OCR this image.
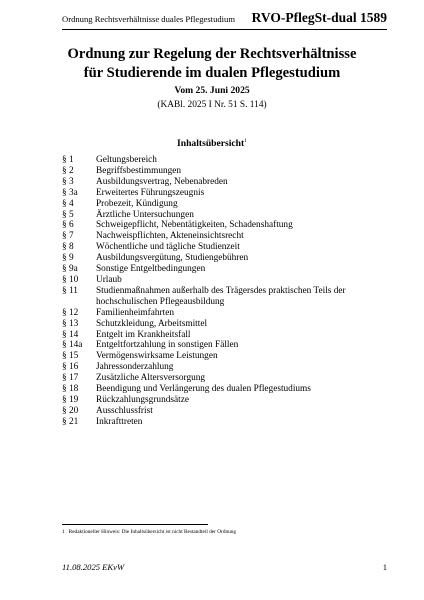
Ordnung Rechtsverhältnisse duales Pflegestudium RVO-PflegSt-dual 1589
Ordnung zur Regelung der Rechtsverhältnisse
für Studierende im dualen Pflegestudium
Vom 25. Juni 2025
(KABl. 2025 I Nr. 51 S. 114)
Inhaltsübersicht$^1$
§ 1	Geltungsbereich
§ 2	Begriffsbestimmungen
§ 3	Ausbildungsvertrag, Nebenabreden
§ 3a	Erweitertes Führungszeugnis
§ 4	Probezeit, Kündigung
§ 5	Ärztliche Untersuchungen
§ 6	Schweigepflicht, Nebentätigkeiten, Schadenshaftung
§ 7	Nachweispflichten, Akteneinsichtsrecht
§ 8	Wöchentliche und tägliche Studienzeit
§ 9	Ausbildungsvergütung, Studiengebühren
§ 9a	Sonstige Entgeltbedingungen
§ 10	Urlaub
§ 11	Studienmaßnahmen außerhalb des Trägersdes praktischen Teils der hochschulischen Pflegeausbildung
§ 12	Familienheimfahrten
§ 13	Schutzkleidung, Arbeitsmittel
§ 14	Entgelt im Krankheitsfall
§ 14a	Entgeltfortzahlung in sonstigen Fällen
§ 15	Vermögenswirksame Leistungen
§ 16	Jahressonderzahlung
§ 17	Zusätzliche Altersversorgung
§ 18	Beendigung und Verlängerung des dualen Pflegestudiums
§ 19	Rückzahlungsgrundsätze
§ 20	Ausschlussfrist
§ 21	Inkrafttreten
1 Redaktioneller Hinweis: Die Inhaltsübersicht ist nicht Bestandteil der Ordnung
11.08.2025 EKvW	1
